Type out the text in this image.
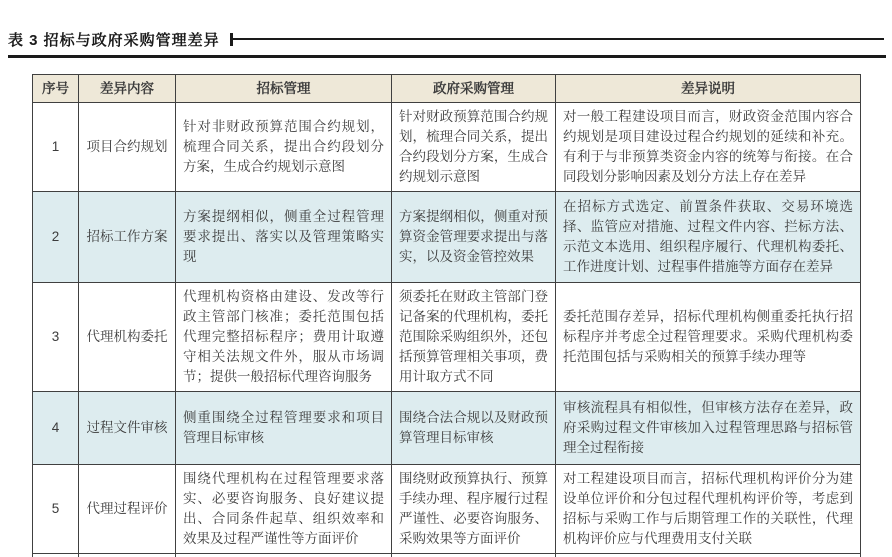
表 3 招标与政府采购管理差异
序号	差异内容	招标管理	政府采购管理	差异说明
1	项目合约规划	针对非财政预算范围合约规划，梳理合同关系，提出合约段划分方案，生成合约规划示意图	针对财政预算范围合约规划，梳理合同关系，提出合约段划分方案，生成合约规划示意图	对一般工程建设项目而言，财政资金范围内容合约规划是项目建设过程合约规划的延续和补充。有利于与非预算类资金内容的统筹与衔接。在合同段划分影响因素及划分方法上存在差异
2	招标工作方案	方案提纲相似，侧重全过程管理要求提出、落实以及管理策略实现	方案提纲相似，侧重对预算资金管理要求提出与落实，以及资金管控效果	在招标方式选定、前置条件获取、交易环境选择、监管应对措施、过程文件内容、拦标方法、示范文本选用、组织程序履行、代理机构委托、工作进度计划、过程事件措施等方面存在差异
3	代理机构委托	代理机构资格由建设、发改等行政主管部门核准；委托范围包括代理完整招标程序；费用计取遵守相关法规文件外，服从市场调节；提供一般招标代理咨询服务	须委托在财政主管部门登记备案的代理机构，委托范围除采购组织外，还包括预算管理相关事项，费用计取方式不同	委托范围存差异，招标代理机构侧重委托执行招标程序并考虑全过程管理要求。采购代理机构委托范围包括与采购相关的预算手续办理等
4	过程文件审核	侧重围绕全过程管理要求和项目管理目标审核	围绕合法合规以及财政预算管理目标审核	审核流程具有相似性，但审核方法存在差异，政府采购过程文件审核加入过程管理思路与招标管理全过程衔接
5	代理过程评价	围绕代理机构在过程管理要求落实、必要咨询服务、良好建议提出、合同条件起草、组织效率和效果及过程严谨性等方面评价	围绕财政预算执行、预算手续办理、程序履行过程严谨性、必要咨询服务、采购效果等方面评价	对工程建设项目而言，招标代理机构评价分为建设单位评价和分包过程代理机构评价等，考虑到招标与采购工作与后期管理工作的关联性，代理机构评价应与代理费用支付关联
